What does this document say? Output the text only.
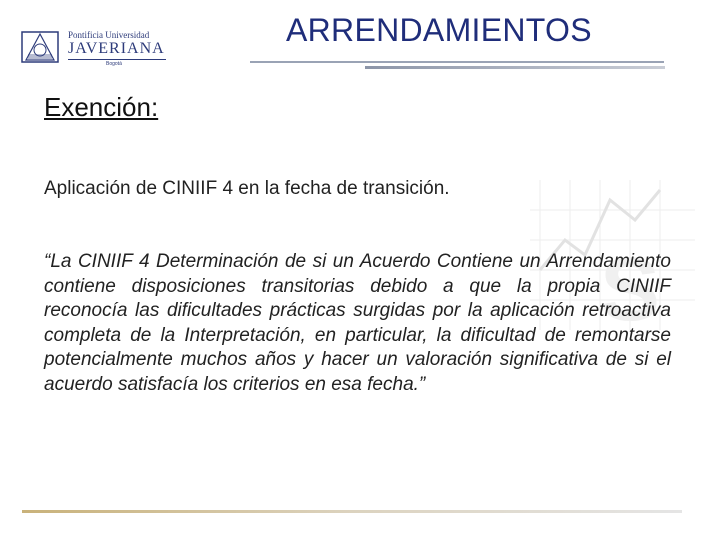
Pontificia Universidad
JAVERIANA
Bogotá
ARRENDAMIENTOS
S
Exención:
Aplicación de CINIIF 4 en la fecha de transición.

“La CINIIF 4 Determinación de si un Acuerdo Contiene un Arrendamiento contiene disposiciones transitorias debido a que la propia CINIIF reconocía las dificultades prácticas surgidas por la aplicación retroactiva completa de la Interpretación, en particular, la dificultad de remontarse potencialmente muchos años y hacer un valoración significativa de si el acuerdo satisfacía los criterios en esa fecha.”
